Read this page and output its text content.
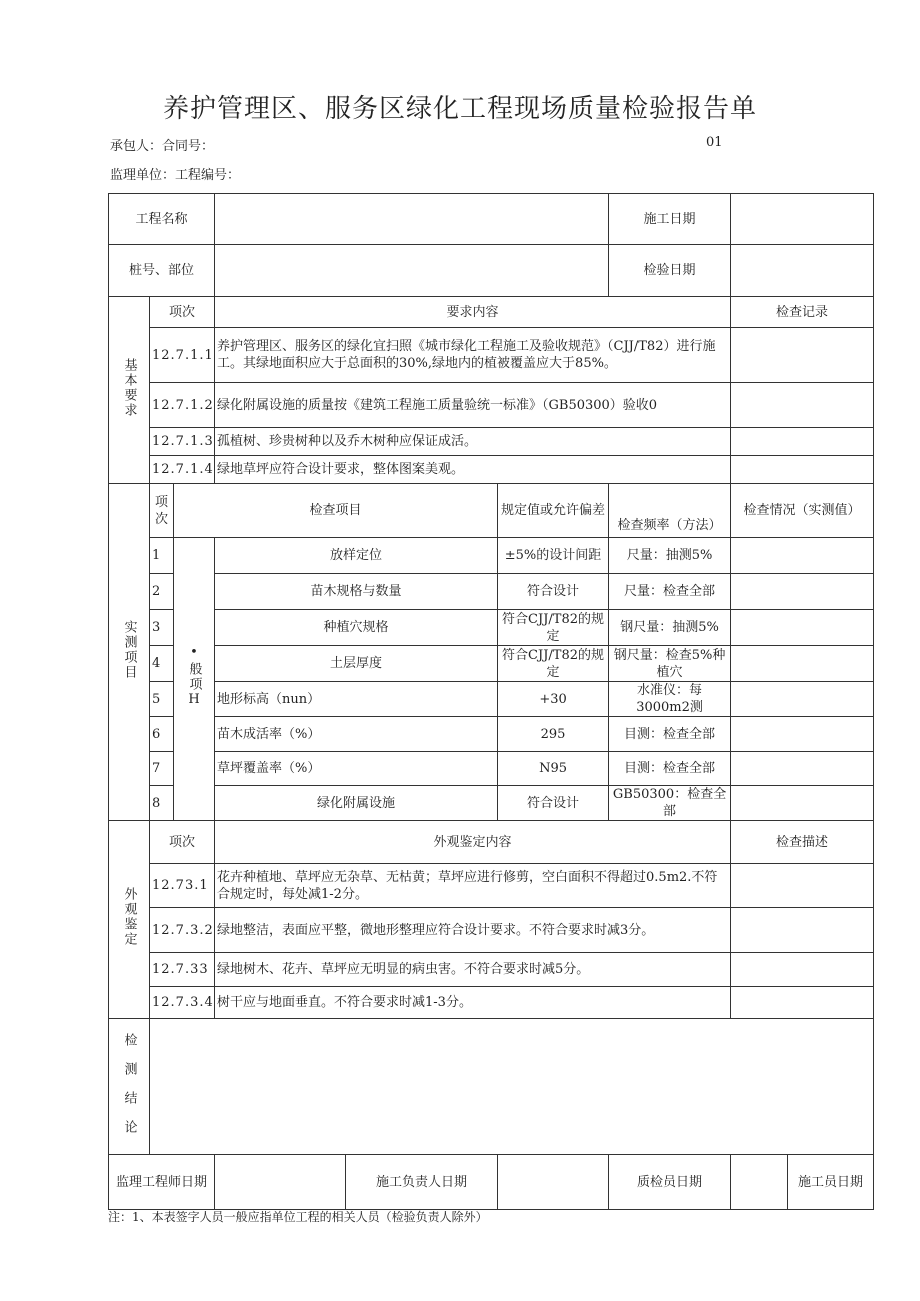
养护管理区、服务区绿化工程现场质量检验报告单
承包人：合同号：	01
监理单位：工程编号：
工程名称						施工日期			
桩号、部位						检验日期			
基本要求	项次		要求内容				检查记录		
	12.7.1.1		养护管理区、服务区的绿化宜扫照《城市绿化工程施工及验收规范》（CJJ/T82）进行施工。其绿地面积应大于总面积的30%,绿地内的植被覆盖应大于85%。						
	12.7.1.2		绿化附属设施的质量按《建筑工程施工质量验统一标准》（GB50300）验收0						
	12.7.1.3		孤植树、珍贵树种以及乔木树种应保证成活。						
	12.7.1.4		绿地草坪应符合设计要求，整体图案美观。						
实测项目	项次	检查项目			规定值或允许偏差	检查频率（方法）	检查情况（实测值）	
	1	•般项H	放样定位		±5%的设计间距	尺量：抽测5%			
	2		苗木规格与数量		符合设计	尺量：检查全部			
	3		种植穴规格		符合CJJ/T82的规定	钢尺量：抽测5%			
	4		土层厚度		符合CJJ/T82的规定	钢尺量：检查5%种植穴			
	5		地形标高（nun）		+30	水准仪：每3000m2测			
	6		苗木成活率（%）		295	目测：检查全部			
	7		草坪覆盖率（%）		N95	目测：检查全部			
	8		绿化附属设施		符合设计	GB50300：检查全部			
外观鉴定	项次		外观鉴定内容				检查描述		
	12.73.1		花卉种植地、草坪应无杂草、无枯黄；草坪应进行修剪，空白面积不得超过0.5m2.不符合规定时，每处减1-2分。						
	12.7.3.2		绿地整洁，表面应平整，微地形整理应符合设计要求。不符合要求时减3分。						
	12.7.33		绿地树木、花卉、草坪应无明显的病虫害。不符合要求时减5分。						
	12.7.3.4		树干应与地面垂直。不符合要求时减1-3分。						
检测结论									
监理工程师日期				施工负责人日期		质检员日期		施工员日期	
注：1、本表签字人员一般应指单位工程的相关人员（检验负责人除外）
